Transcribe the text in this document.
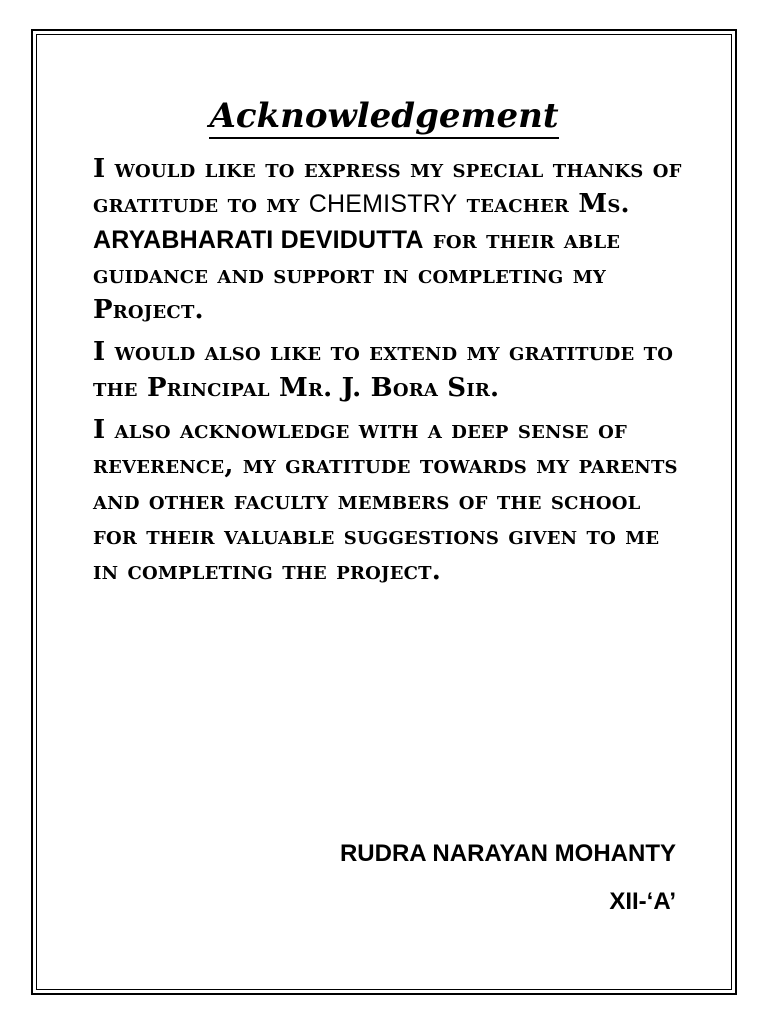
Acknowledgement

I would like to express my special thanks of gratitude to my CHEMISTRY teacher Ms. ARYABHARATI DEVIDUTTA for their able guidance and support in completing my Project.

I would also like to extend my gratitude to the Principal Mr. J. Bora Sir.

I also acknowledge with a deep sense of reverence, my gratitude towards my parents and other faculty members of the school for their valuable suggestions given to me in completing the project.

RUDRA NARAYAN MOHANTY

XII-‘A’
